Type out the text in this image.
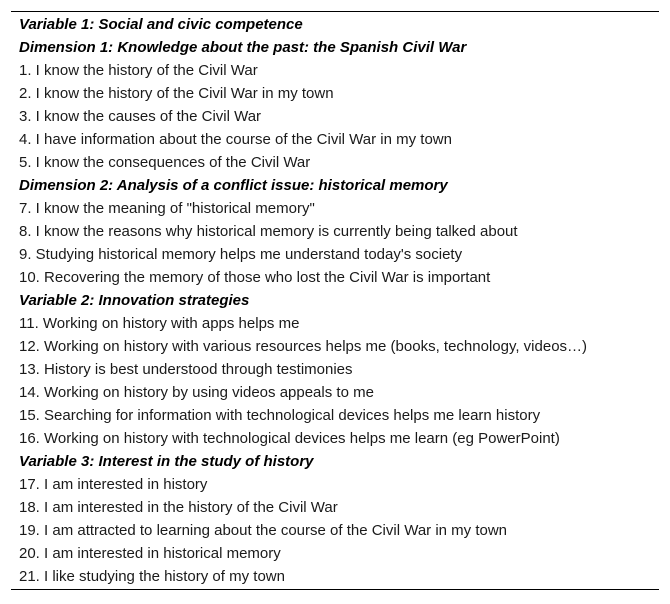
Variable 1: Social and civic competence
Dimension 1: Knowledge about the past: the Spanish Civil War
1. I know the history of the Civil War
2. I know the history of the Civil War in my town
3. I know the causes of the Civil War
4. I have information about the course of the Civil War in my town
5. I know the consequences of the Civil War
Dimension 2: Analysis of a conflict issue: historical memory
7. I know the meaning of "historical memory"
8. I know the reasons why historical memory is currently being talked about
9. Studying historical memory helps me understand today's society
10. Recovering the memory of those who lost the Civil War is important
Variable 2: Innovation strategies
11. Working on history with apps helps me
12. Working on history with various resources helps me (books, technology, videos…)
13. History is best understood through testimonies
14. Working on history by using videos appeals to me
15. Searching for information with technological devices helps me learn history
16. Working on history with technological devices helps me learn (eg PowerPoint)
Variable 3: Interest in the study of history
17. I am interested in history
18. I am interested in the history of the Civil War
19. I am attracted to learning about the course of the Civil War in my town
20. I am interested in historical memory
21. I like studying the history of my town
